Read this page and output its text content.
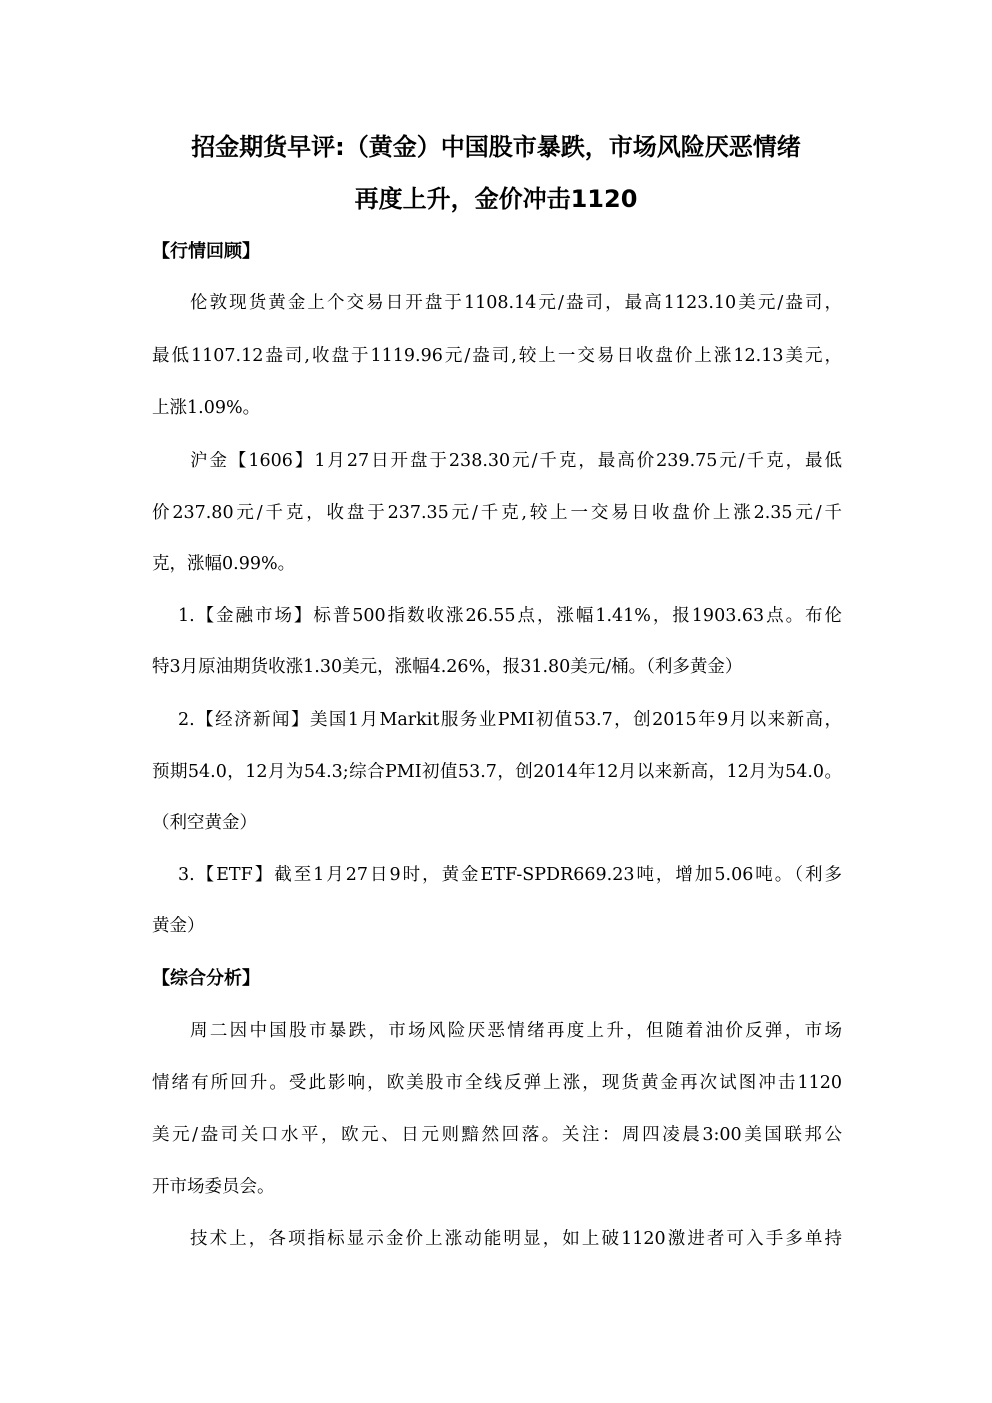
招金期货早评:（黄金）中国股市暴跌，市场风险厌恶情绪
再度上升，金价冲击1120
【行情回顾】
伦敦现货黄金上个交易日开盘于1108.14元/盎司，最高1123.10美元/盎司，
最低1107.12盎司,收盘于1119.96元/盎司,较上一交易日收盘价上涨12.13美元，
上涨1.09%。
沪金【1606】1月27日开盘于238.30元/千克，最高价239.75元/千克，最低
价237.80元/千克，收盘于237.35元/千克,较上一交易日收盘价上涨2.35元/千
克，涨幅0.99%。
1.【金融市场】标普500指数收涨26.55点，涨幅1.41%，报1903.63点。布伦
特3月原油期货收涨1.30美元，涨幅4.26%，报31.80美元/桶。（利多黄金）
2.【经济新闻】美国1月Markit服务业PMI初值53.7，创2015年9月以来新高，
预期54.0，12月为54.3;综合PMI初值53.7，创2014年12月以来新高，12月为54.0。
（利空黄金）
3.【ETF】截至1月27日9时，黄金ETF-SPDR669.23吨，增加5.06吨。（利多
黄金）
【综合分析】
周二因中国股市暴跌，市场风险厌恶情绪再度上升，但随着油价反弹，市场
情绪有所回升。受此影响，欧美股市全线反弹上涨，现货黄金再次试图冲击1120
美元/盎司关口水平，欧元、日元则黯然回落。关注：周四凌晨3:00美国联邦公
开市场委员会。
技术上，各项指标显示金价上涨动能明显，如上破1120激进者可入手多单持
